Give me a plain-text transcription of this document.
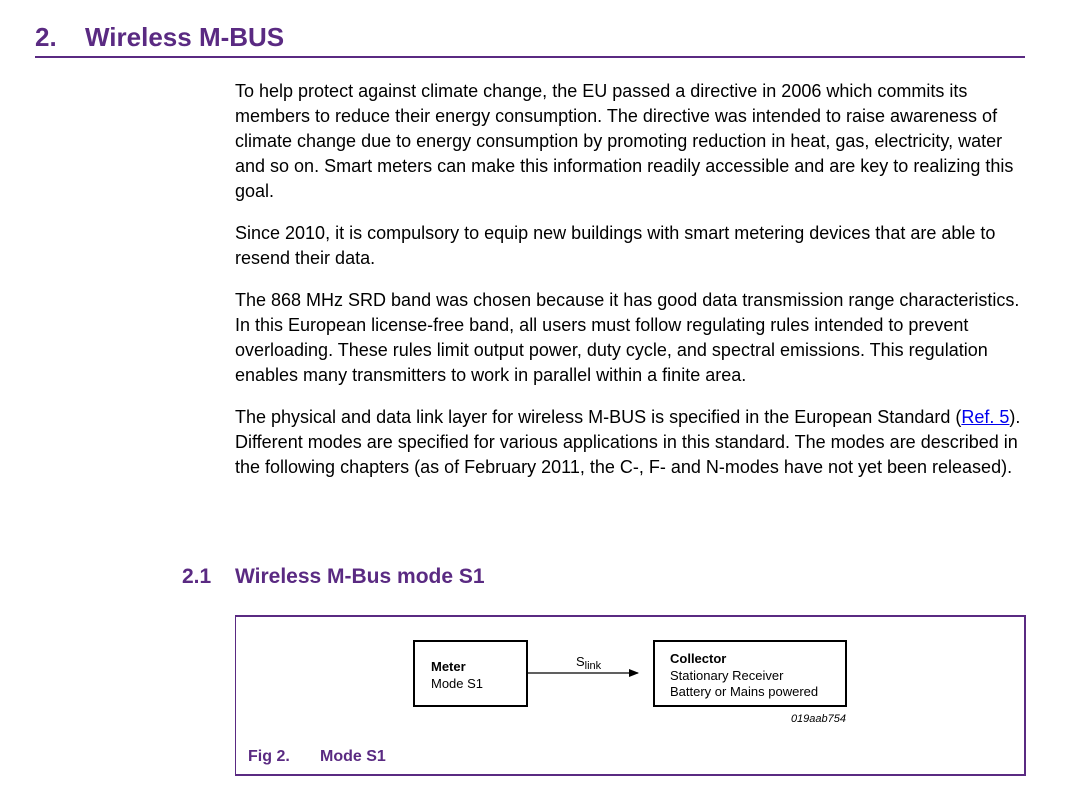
2. Wireless M-BUS

To help protect against climate change, the EU passed a directive in 2006 which commits its members to reduce their energy consumption. The directive was intended to raise awareness of climate change due to energy consumption by promoting reduction in heat, gas, electricity, water and so on. Smart meters can make this information readily accessible and are key to realizing this goal.

Since 2010, it is compulsory to equip new buildings with smart metering devices that are able to resend their data.

The 868 MHz SRD band was chosen because it has good data transmission range characteristics. In this European license-free band, all users must follow regulating rules intended to prevent overloading. These rules limit output power, duty cycle, and spectral emissions. This regulation enables many transmitters to work in parallel within a finite area.

The physical and data link layer for wireless M-BUS is specified in the European Standard (Ref. 5). Different modes are specified for various applications in this standard. The modes are described in the following chapters (as of February 2011, the C-, F- and N-modes have not yet been released).

2.1 Wireless M-Bus mode S1
Meter
Mode S1
$S_{link}$	Collector
Stationary Receiver
Battery or Mains powered
019aab754
Fig 2. Mode S1
